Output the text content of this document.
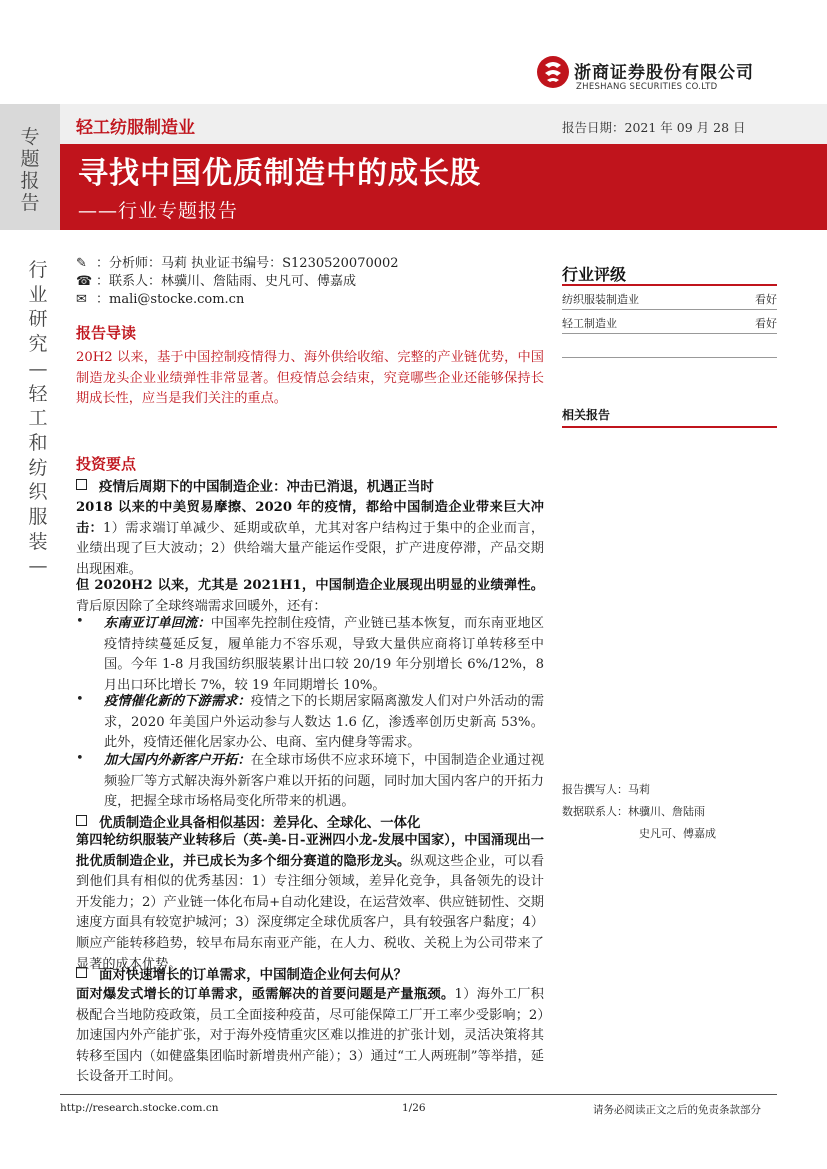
浙商证券股份有限公司
ZHESHANG SECURITIES CO.LTD
专题报告
轻工纺服制造业	报告日期：2021 年 09 月 28 日
寻找中国优质制造中的成长股
——行业专题报告
行业研究—轻工和纺织服装—
✎ ：分析师：马莉 执业证书编号：S1230520070002
☎ ：联系人：林骥川、詹陆雨、史凡可、傅嘉成
✉ ：mali@stocke.com.cn
报告导读
20H2 以来，基于中国控制疫情得力、海外供给收缩、完整的产业链优势，中国制造龙头企业业绩弹性非常显著。但疫情总会结束，究竟哪些企业还能够保持长期成长性，应当是我们关注的重点。
投资要点
疫情后周期下的中国制造企业：冲击已消退，机遇正当时
2018 以来的中美贸易摩擦、2020 年的疫情，都给中国制造企业带来巨大冲击：1）需求端订单减少、延期或砍单，尤其对客户结构过于集中的企业而言，业绩出现了巨大波动；2）供给端大量产能运作受限，扩产进度停滞，产品交期出现困难。
但 2020H2 以来，尤其是 2021H1，中国制造企业展现出明显的业绩弹性。背后原因除了全球终端需求回暖外，还有：
• 东南亚订单回流：中国率先控制住疫情，产业链已基本恢复，而东南亚地区疫情持续蔓延反复，履单能力不容乐观，导致大量供应商将订单转移至中国。今年 1-8 月我国纺织服装累计出口较 20/19 年分别增长 6%/12%，8 月出口环比增长 7%，较 19 年同期增长 10%。
• 疫情催化新的下游需求：疫情之下的长期居家隔离激发人们对户外活动的需求，2020 年美国户外运动参与人数达 1.6 亿，渗透率创历史新高 53%。此外，疫情还催化居家办公、电商、室内健身等需求。
• 加大国内外新客户开拓：在全球市场供不应求环境下，中国制造企业通过视频验厂等方式解决海外新客户难以开拓的问题，同时加大国内客户的开拓力度，把握全球市场格局变化所带来的机遇。
优质制造企业具备相似基因：差异化、全球化、一体化
第四轮纺织服装产业转移后（英-美-日-亚洲四小龙-发展中国家），中国涌现出一批优质制造企业，并已成长为多个细分赛道的隐形龙头。纵观这些企业，可以看到他们具有相似的优秀基因：1）专注细分领域，差异化竞争，具备领先的设计开发能力；2）产业链一体化布局+自动化建设，在运营效率、供应链韧性、交期速度方面具有较宽护城河；3）深度绑定全球优质客户，具有较强客户黏度；4）顺应产能转移趋势，较早布局东南亚产能，在人力、税收、关税上为公司带来了显著的成本优势。
面对快速增长的订单需求，中国制造企业何去何从？
面对爆发式增长的订单需求，亟需解决的首要问题是产量瓶颈。1）海外工厂积极配合当地防疫政策，员工全面接种疫苗，尽可能保障工厂开工率少受影响；2）加速国内外产能扩张，对于海外疫情重灾区难以推进的扩张计划，灵活决策将其转移至国内（如健盛集团临时新增贵州产能）；3）通过“工人两班制”等举措，延长设备开工时间。
行业评级
纺织服装制造业	看好
轻工制造业	看好
相关报告
报告撰写人：马莉
数据联系人：林骥川、詹陆雨
史凡可、傅嘉成
http://research.stocke.com.cn	1/26	请务必阅读正文之后的免责条款部分
